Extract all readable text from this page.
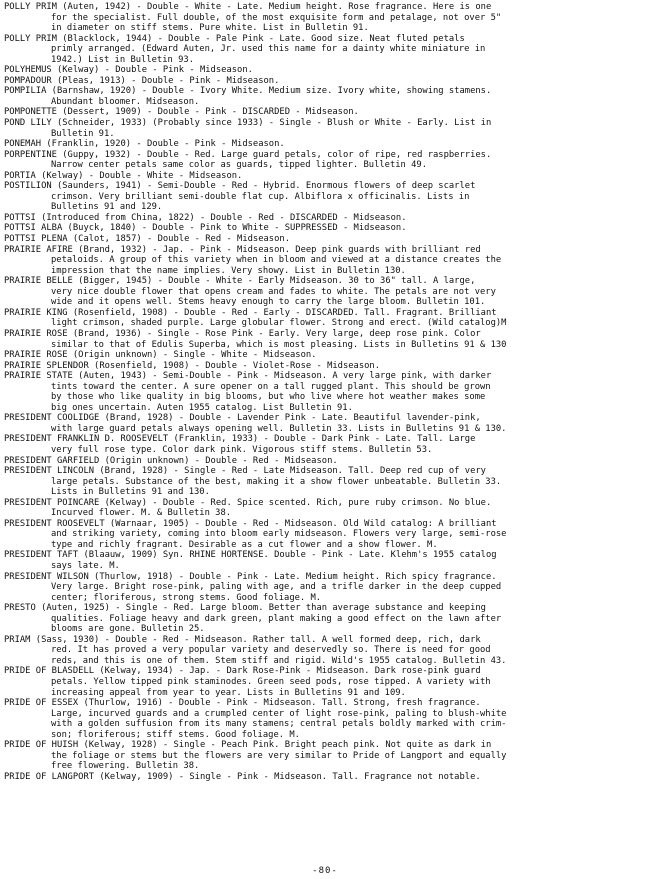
POLLY PRIM (Auten, 1942) - Double - White - Late. Medium height. Rose fragrance. Here is one
for the specialist. Full double, of the most exquisite form and petalage, not over 5"
in diameter on stiff stems. Pure white. List in Bulletin 91.
POLLY PRIM (Blacklock, 1944) - Double - Pale Pink - Late. Good size. Neat fluted petals
primly arranged. (Edward Auten, Jr. used this name for a dainty white miniature in
1942.) List in Bulletin 93.
POLYHEMUS (Kelway) - Double - Pink - Midseason.
POMPADOUR (Pleas, 1913) - Double - Pink - Midseason.
POMPILIA (Barnshaw, 1920) - Double - Ivory White. Medium size. Ivory white, showing stamens.
Abundant bloomer. Midseason.
POMPONETTE (Dessert, 1909) - Double - Pink - DISCARDED - Midseason.
POND LILY (Schneider, 1933) (Probably since 1933) - Single - Blush or White - Early. List in
Bulletin 91.
PONEMAH (Franklin, 1920) - Double - Pink - Midseason.
PORPENTINE (Guppy, 1932) - Double - Red. Large guard petals, color of ripe, red raspberries.
Narrow center petals same color as guards, tipped lighter. Bulletin 49.
PORTIA (Kelway) - Double - White - Midseason.
POSTILION (Saunders, 1941) - Semi-Double - Red - Hybrid. Enormous flowers of deep scarlet
crimson. Very brilliant semi-double flat cup. Albiflora x officinalis. Lists in
Bulletins 91 and 129.
POTTSI (Introduced from China, 1822) - Double - Red - DISCARDED - Midseason.
POTTSI ALBA (Buyck, 1840) - Double - Pink to White - SUPPRESSED - Midseason.
POTTSI PLENA (Calot, 1857) - Double - Red - Midseason.
PRAIRIE AFIRE (Brand, 1932) - Jap. - Pink - Midseason. Deep pink guards with brilliant red
petaloids. A group of this variety when in bloom and viewed at a distance creates the
impression that the name implies. Very showy. List in Bulletin 130.
PRAIRIE BELLE (Bigger, 1945) - Double - White - Early Midseason. 30 to 36" tall. A large,
very nice double flower that opens cream and fades to white. The petals are not very
wide and it opens well. Stems heavy enough to carry the large bloom. Bulletin 101.
PRAIRIE KING (Rosenfield, 1908) - Double - Red - Early - DISCARDED. Tall. Fragrant. Brilliant
light crimson, shaded purple. Large globular flower. Strong and erect. (Wild catalog)M
PRAIRIE ROSE (Brand, 1936) - Single - Rose Pink - Early. Very large, deep rose pink. Color
similar to that of Edulis Superba, which is most pleasing. Lists in Bulletins 91 & 130
PRAIRIE ROSE (Origin unknown) - Single - White - Midseason.
PRAIRIE SPLENDOR (Rosenfield, 1908) - Double - Violet-Rose - Midseason.
PRAIRIE STATE (Auten, 1943) - Semi-Double - Pink - Midseason. A very large pink, with darker
tints toward the center. A sure opener on a tall rugged plant. This should be grown
by those who like quality in big blooms, but who live where hot weather makes some
big ones uncertain. Auten 1955 catalog. List Bulletin 91.
PRESIDENT COOLIDGE (Brand, 1928) - Double - Lavender Pink - Late. Beautiful lavender-pink,
with large guard petals always opening well. Bulletin 33. Lists in Bulletins 91 & 130.
PRESIDENT FRANKLIN D. ROOSEVELT (Franklin, 1933) - Double - Dark Pink - Late. Tall. Large
very full rose type. Color dark pink. Vigorous stiff stems. Bulletin 53.
PRESIDENT GARFIELD (Origin unknown) - Double - Red - Midseason.
PRESIDENT LINCOLN (Brand, 1928) - Single - Red - Late Midseason. Tall. Deep red cup of very
large petals. Substance of the best, making it a show flower unbeatable. Bulletin 33.
Lists in Bulletins 91 and 130.
PRESIDENT POINCARE (Kelway) - Double - Red. Spice scented. Rich, pure ruby crimson. No blue.
Incurved flower. M. & Bulletin 38.
PRESIDENT ROOSEVELT (Warnaar, 1905) - Double - Red - Midseason. Old Wild catalog: A brilliant
and striking variety, coming into bloom early midseason. Flowers very large, semi-rose
type and richly fragrant. Desirable as a cut flower and a show flower. M.
PRESIDENT TAFT (Blaauw, 1909) Syn. RHINE HORTENSE. Double - Pink - Late. Klehm's 1955 catalog
says late. M.
PRESIDENT WILSON (Thurlow, 1918) - Double - Pink - Late. Medium height. Rich spicy fragrance.
Very large. Bright rose-pink, paling with age, and a trifle darker in the deep cupped
center; floriferous, strong stems. Good foliage. M.
PRESTO (Auten, 1925) - Single - Red. Large bloom. Better than average substance and keeping
qualities. Foliage heavy and dark green, plant making a good effect on the lawn after
blooms are gone. Bulletin 25.
PRIAM (Sass, 1930) - Double - Red - Midseason. Rather tall. A well formed deep, rich, dark
red. It has proved a very popular variety and deservedly so. There is need for good
reds, and this is one of them. Stem stiff and rigid. Wild's 1955 catalog. Bulletin 43.
PRIDE OF BLASDELL (Kelway, 1934) - Jap. - Dark Rose-Pink - Midseason. Dark rose-pink guard
petals. Yellow tipped pink staminodes. Green seed pods, rose tipped. A variety with
increasing appeal from year to year. Lists in Bulletins 91 and 109.
PRIDE OF ESSEX (Thurlow, 1916) - Double - Pink - Midseason. Tall. Strong, fresh fragrance.
Large, incurved guards and a crumpled center of light rose-pink, paling to blush-white
with a golden suffusion from its many stamens; central petals boldly marked with crim-
son; floriferous; stiff stems. Good foliage. M.
PRIDE OF HUISH (Kelway, 1928) - Single - Peach Pink. Bright peach pink. Not quite as dark in
the foliage or stems but the flowers are very similar to Pride of Langport and equally
free flowering. Bulletin 38.
PRIDE OF LANGPORT (Kelway, 1909) - Single - Pink - Midseason. Tall. Fragrance not notable.
-80-
